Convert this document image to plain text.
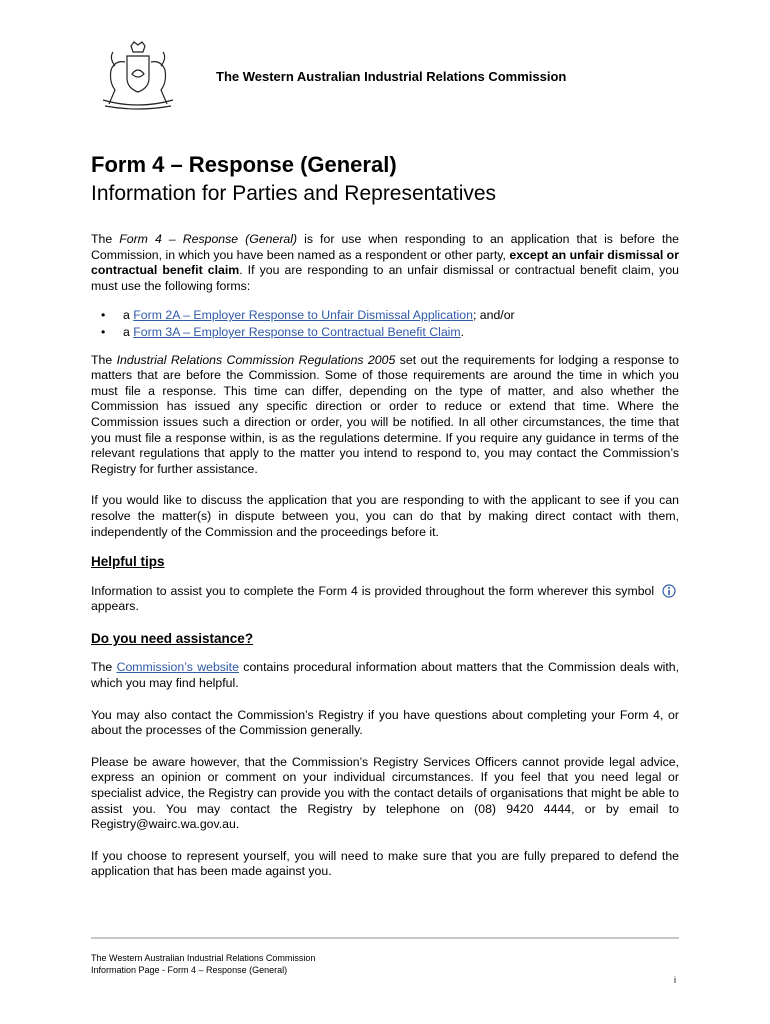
The Western Australian Industrial Relations Commission
Form 4 – Response (General)
Information for Parties and Representatives

The Form 4 – Response (General) is for use when responding to an application that is before the Commission, in which you have been named as a respondent or other party, except an unfair dismissal or contractual benefit claim. If you are responding to an unfair dismissal or contractual benefit claim, you must use the following forms:

• a Form 2A – Employer Response to Unfair Dismissal Application; and/or
• a Form 3A – Employer Response to Contractual Benefit Claim.

The Industrial Relations Commission Regulations 2005 set out the requirements for lodging a response to matters that are before the Commission. Some of those requirements are around the time in which you must file a response. This time can differ, depending on the type of matter, and also whether the Commission has issued any specific direction or order to reduce or extend that time. Where the Commission issues such a direction or order, you will be notified. In all other circumstances, the time that you must file a response within, is as the regulations determine. If you require any guidance in terms of the relevant regulations that apply to the matter you intend to respond to, you may contact the Commission’s Registry for further assistance.

If you would like to discuss the application that you are responding to with the applicant to see if you can resolve the matter(s) in dispute between you, you can do that by making direct contact with them, independently of the Commission and the proceedings before it.

Helpful tips

Information to assist you to complete the Form 4 is provided throughout the form wherever this symbol appears.

Do you need assistance?

The Commission’s website contains procedural information about matters that the Commission deals with, which you may find helpful.

You may also contact the Commission’s Registry if you have questions about completing your Form 4, or about the processes of the Commission generally.

Please be aware however, that the Commission’s Registry Services Officers cannot provide legal advice, express an opinion or comment on your individual circumstances. If you feel that you need legal or specialist advice, the Registry can provide you with the contact details of organisations that might be able to assist you. You may contact the Registry by telephone on (08) 9420 4444, or by email to Registry@wairc.wa.gov.au.

If you choose to represent yourself, you will need to make sure that you are fully prepared to defend the application that has been made against you.

The Western Australian Industrial Relations Commission
Information Page - Form 4 – Response (General)
i
